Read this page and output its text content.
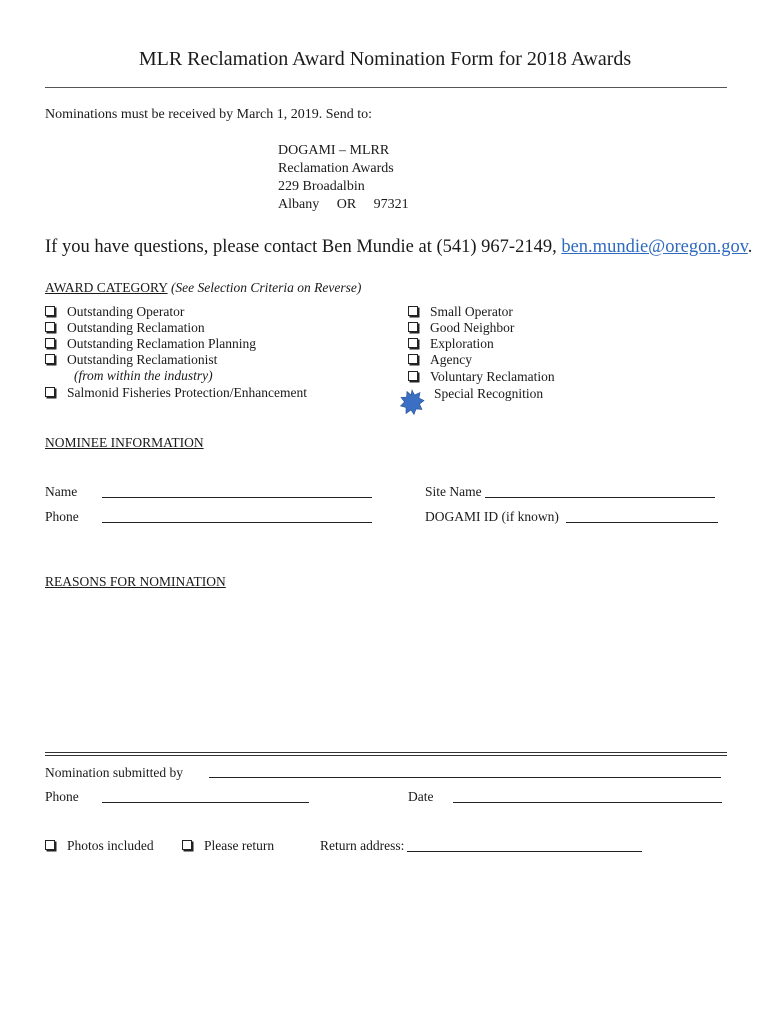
MLR Reclamation Award Nomination Form for 2018 Awards
Nominations must be received by March 1, 2019. Send to:
DOGAMI – MLRR
Reclamation Awards
229 Broadalbin
Albany     OR     97321
If you have questions, please contact Ben Mundie at (541) 967-2149, ben.mundie@oregon.gov.
AWARD CATEGORY (See Selection Criteria on Reverse)
Outstanding Operator
Outstanding Reclamation
Outstanding Reclamation Planning
Outstanding Reclamationist
(from within the industry)
Salmonid Fisheries Protection/Enhancement
Small Operator
Good Neighbor
Exploration
Agency
Voluntary Reclamation
Special Recognition
NOMINEE INFORMATION
Name	Site Name
Phone	DOGAMI ID (if known)
REASONS FOR NOMINATION
Nomination submitted by
Phone	Date
Photos included	Please return	Return address:
